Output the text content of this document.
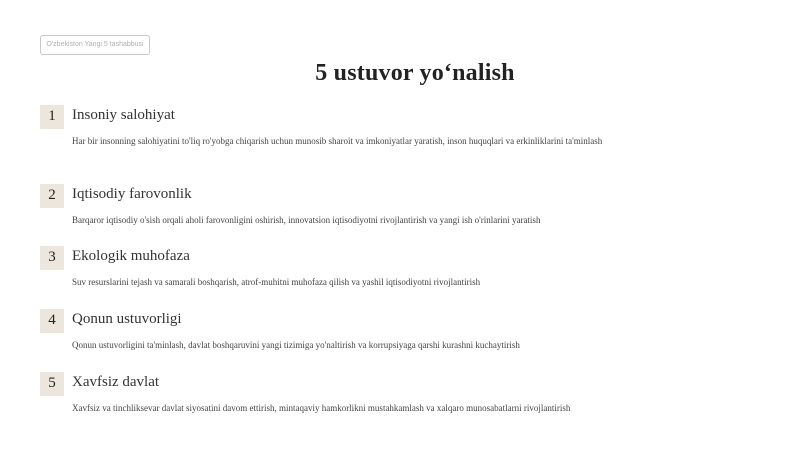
O'zbekiston Yangi 5 tashabbusi
5 ustuvor yo‘nalish
1	Insoniy salohiyat
Har bir insonning salohiyatini to'liq ro'yobga chiqarish uchun munosib sharoit va imkoniyatlar yaratish, inson huquqlari va erkinliklarini ta'minlash
2	Iqtisodiy farovonlik
Barqaror iqtisodiy o'sish orqali aholi farovonligini oshirish, innovatsion iqtisodiyotni rivojlantirish va yangi ish o'rinlarini yaratish
3	Ekologik muhofaza
Suv resurslarini tejash va samarali boshqarish, atrof-muhitni muhofaza qilish va yashil iqtisodiyotni rivojlantirish
4	Qonun ustuvorligi
Qonun ustuvorligini ta'minlash, davlat boshqaruvini yangi tizimiga yo'naltirish va korrupsiyaga qarshi kurashni kuchaytirish
5	Xavfsiz davlat
Xavfsiz va tinchliksevar davlat siyosatini davom ettirish, mintaqaviy hamkorlikni mustahkamlash va xalqaro munosabatlarni rivojlantirish
